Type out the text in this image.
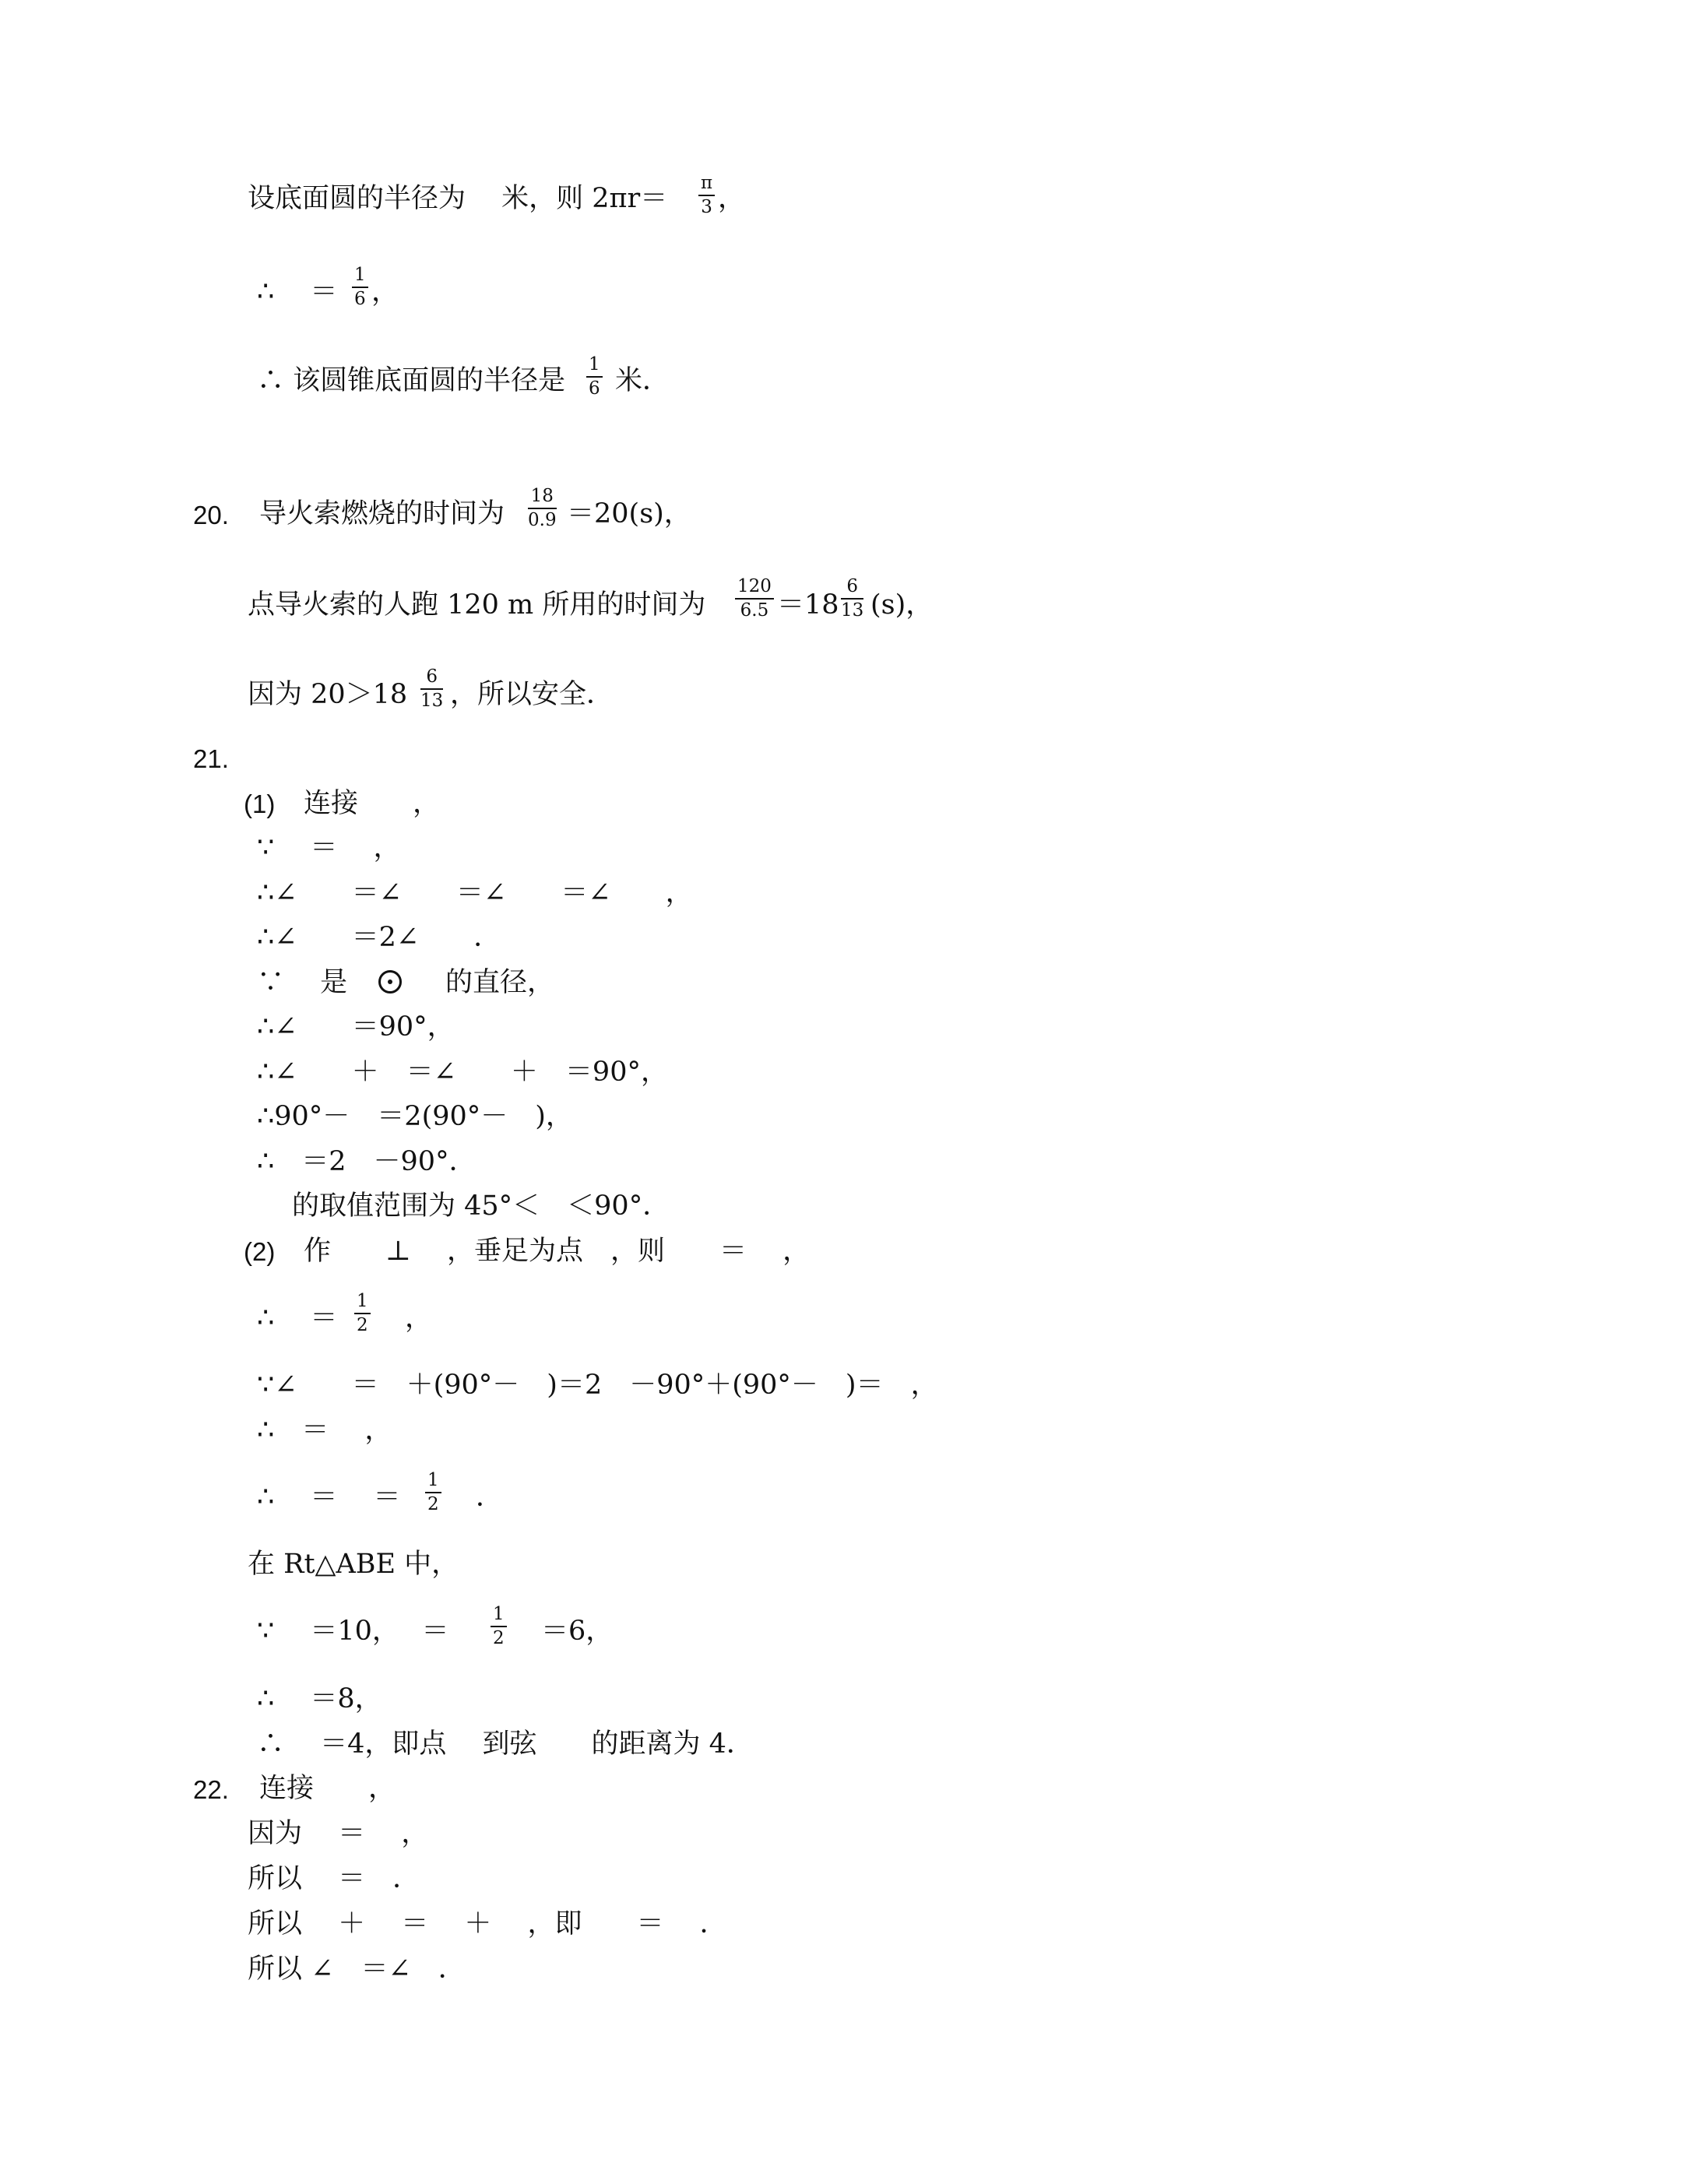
设底面圆的半径为　 米，则 $2\pi r= \frac{\pi}{3}$ ，
∴　 ＝ $\frac{1}{6}$ ，
∴ 该圆锥底面圆的半径是 $\frac{1}{6}$ 米．
20. 导火索燃烧的时间为 $\frac{18}{0.9} =20(s)$，
点导火索的人跑 120 m 所用的时间为 $\frac{120}{6.5} =18 \frac{6}{13} (s)$，
因为 $20>18 \frac{6}{13}$ ，所以安全．
21.
(1) 连接　　，
∵　 ＝　 ，
∴∠　　＝∠　　＝∠　　＝∠　　，
∴∠　　＝2∠　　．
∵　 是	的直径，
∴∠　　＝90°，
∴∠　　＋　＝∠　　＋　＝90°，
∴90°－　＝2(90°－　)，
∴　＝2　－90°．
的取值范围为 45°＜　＜90°．
(2) 作　　⊥　 ，垂足为点　，则　　＝　 ，
∴　 ＝ $\frac{1}{2}$ 　，
∵∠　　＝　＋(90°－　)＝2　－90°＋(90°－　)＝　，
∴　＝　 ，
∴　 ＝　 ＝ $\frac{1}{2}$ 　．
在 Rt△ABE 中，
∵　 ＝10，　 ＝ $\frac{1}{2}$ 　＝6，
∴　 ＝8，
∴　 ＝4，即点　 到弦　　的距离为 4．
22. 连接　　，
因为　 ＝　 ，
所以　 ＝　．
所以　 ＋　 ＝　 ＋　 ，即　　＝　 ．
所以 ∠　＝∠　．
